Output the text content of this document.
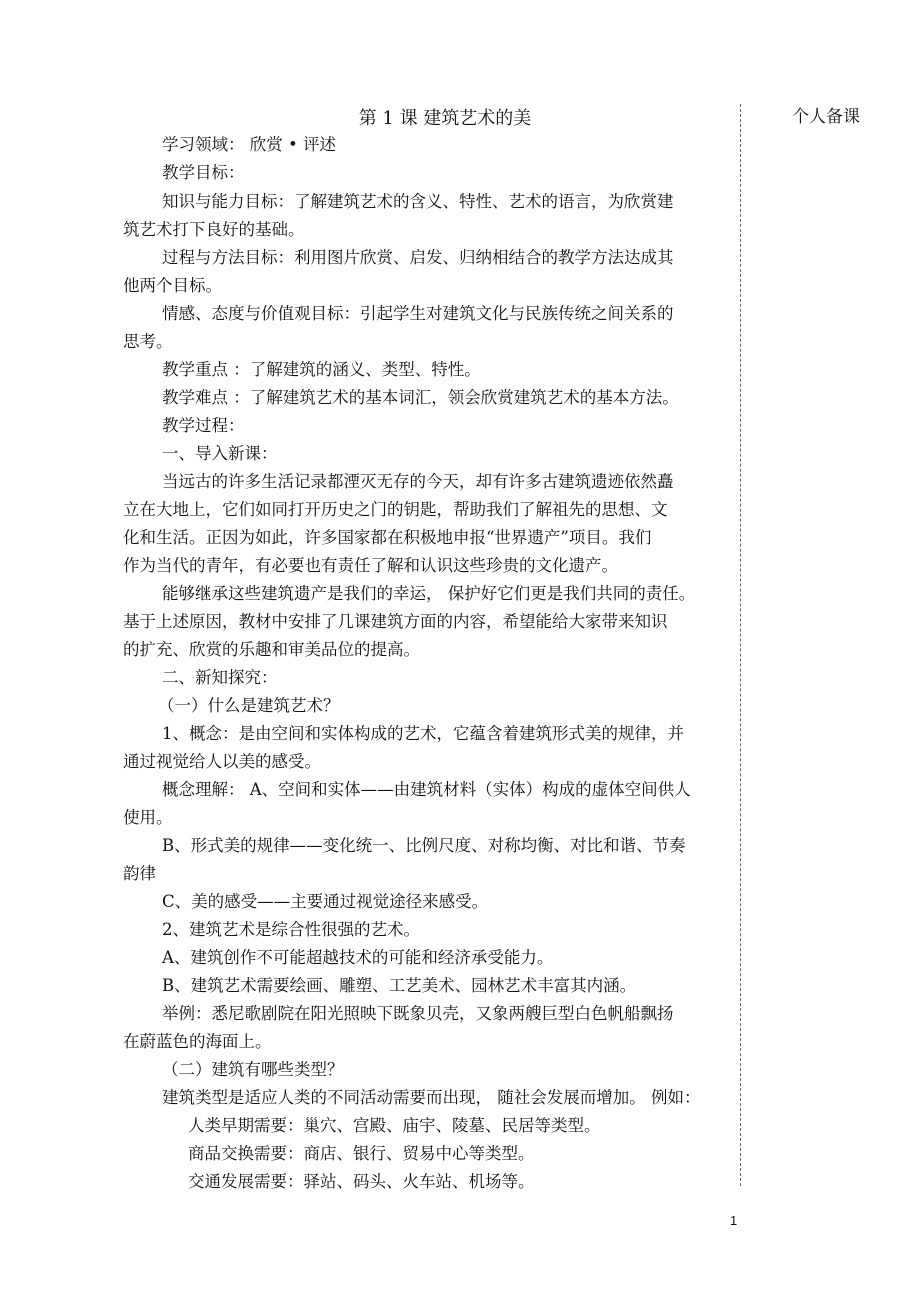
第 1 课 建筑艺术的美	个人备课
学习领域： 欣赏 • 评述
教学目标：
知识与能力目标：了解建筑艺术的含义、特性、艺术的语言，为欣赏建
筑艺术打下良好的基础。
过程与方法目标：利用图片欣赏、启发、归纳相结合的教学方法达成其
他两个目标。
情感、态度与价值观目标：引起学生对建筑文化与民族传统之间关系的
思考。
教学重点 ：了解建筑的涵义、类型、特性。
教学难点 ：了解建筑艺术的基本词汇，领会欣赏建筑艺术的基本方法。
教学过程：
一、导入新课：
当远古的许多生活记录都湮灭无存的今天，却有许多古建筑遗迹依然矗
立在大地上，它们如同打开历史之门的钥匙，帮助我们了解祖先的思想、文
化和生活。正因为如此，许多国家都在积极地申报“世界遗产”项目。我们
作为当代的青年，有必要也有责任了解和认识这些珍贵的文化遗产。
能够继承这些建筑遗产是我们的幸运， 保护好它们更是我们共同的责任。
基于上述原因，教材中安排了几课建筑方面的内容，希望能给大家带来知识
的扩充、欣赏的乐趣和审美品位的提高。
二、新知探究：
（一）什么是建筑艺术？
1、概念：是由空间和实体构成的艺术，它蕴含着建筑形式美的规律，并
通过视觉给人以美的感受。
概念理解： A、空间和实体——由建筑材料（实体）构成的虚体空间供人
使用。
B、形式美的规律——变化统一、比例尺度、对称均衡、对比和谐、节奏
韵律
C、美的感受——主要通过视觉途径来感受。
2、建筑艺术是综合性很强的艺术。
A、建筑创作不可能超越技术的可能和经济承受能力。
B、建筑艺术需要绘画、雕塑、工艺美术、园林艺术丰富其内涵。
举例：悉尼歌剧院在阳光照映下既象贝壳，又象两艘巨型白色帆船飘扬
在蔚蓝色的海面上。
（二）建筑有哪些类型？
建筑类型是适应人类的不同活动需要而出现， 随社会发展而增加。 例如：
人类早期需要：巢穴、宫殿、庙宇、陵墓、民居等类型。
商品交换需要：商店、银行、贸易中心等类型。
交通发展需要：驿站、码头、火车站、机场等。
1
